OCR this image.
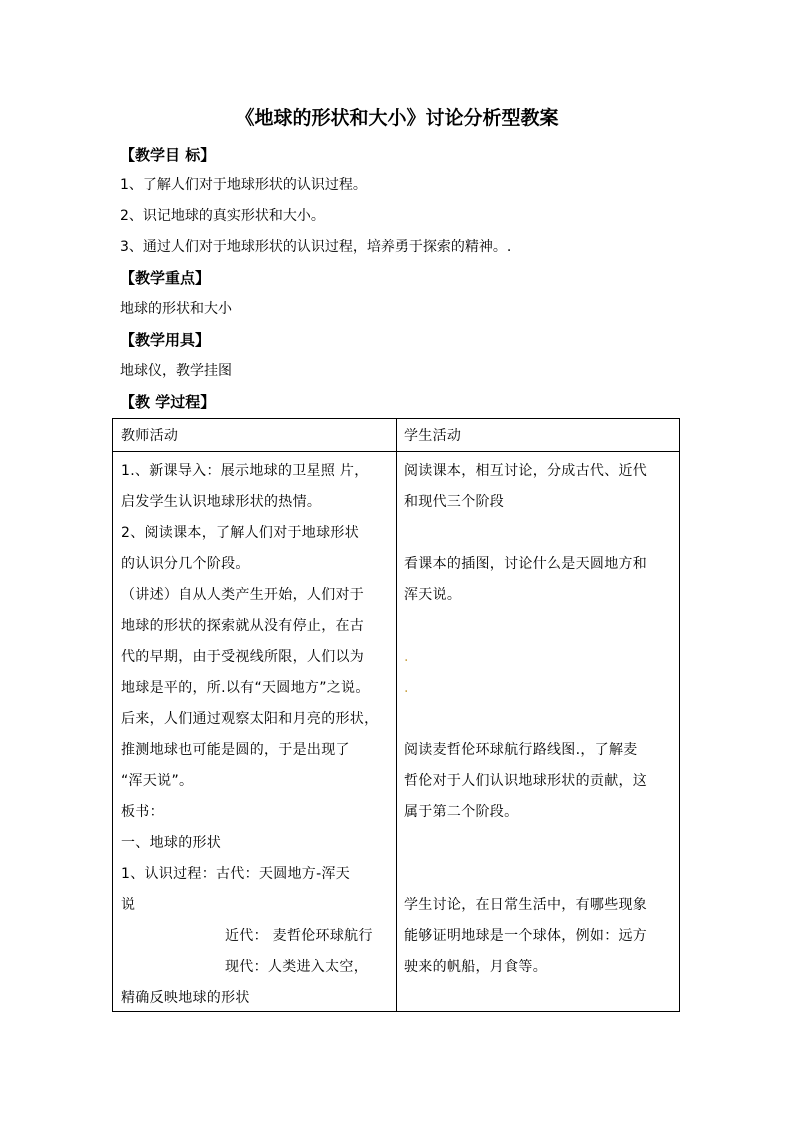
《地球的形状和大小》讨论分析型教案
【教学目 标】
1、了解人们对于地球形状的认识过程。
2、识记地球的真实形状和大小。
3、通过人们对于地球形状的认识过程，培养勇于探索的精神。.
【教学重点】
地球的形状和大小
【教学用具】
地球仪，教学挂图
【教 学过程】
教师活动	学生活动
1.、新课导入：展示地球的卫星照 片，
启发学生认识地球形状的热情。
2、阅读课本，了解人们对于地球形状
的认识分几个阶段。
（讲述）自从人类产生开始，人们对于
地球的形状的探索就从没有停止，在古
代的早期，由于受视线所限，人们以为
地球是平的，所.以有“天圆地方”之说。
后来，人们通过观察太阳和月亮的形状，
推测地球也可能是圆的，于是出现了
“浑天说”。
板书：
一、地球的形状
1、认识过程：古代：天圆地方-浑天
说
近代： 麦哲伦环球航行
现代：人类进入太空，
精确反映地球的形状
阅读课本，相互讨论，分成古代、近代
和现代三个阶段
看课本的插图，讨论什么是天圆地方和
浑天说。
.
.
阅读麦哲伦环球航行路线图.，了解麦
哲伦对于人们认识地球形状的贡献，这
属于第二个阶段。
学生讨论，在日常生活中，有哪些现象
能够证明地球是一个球体，例如：远方
驶来的帆船，月食等。
